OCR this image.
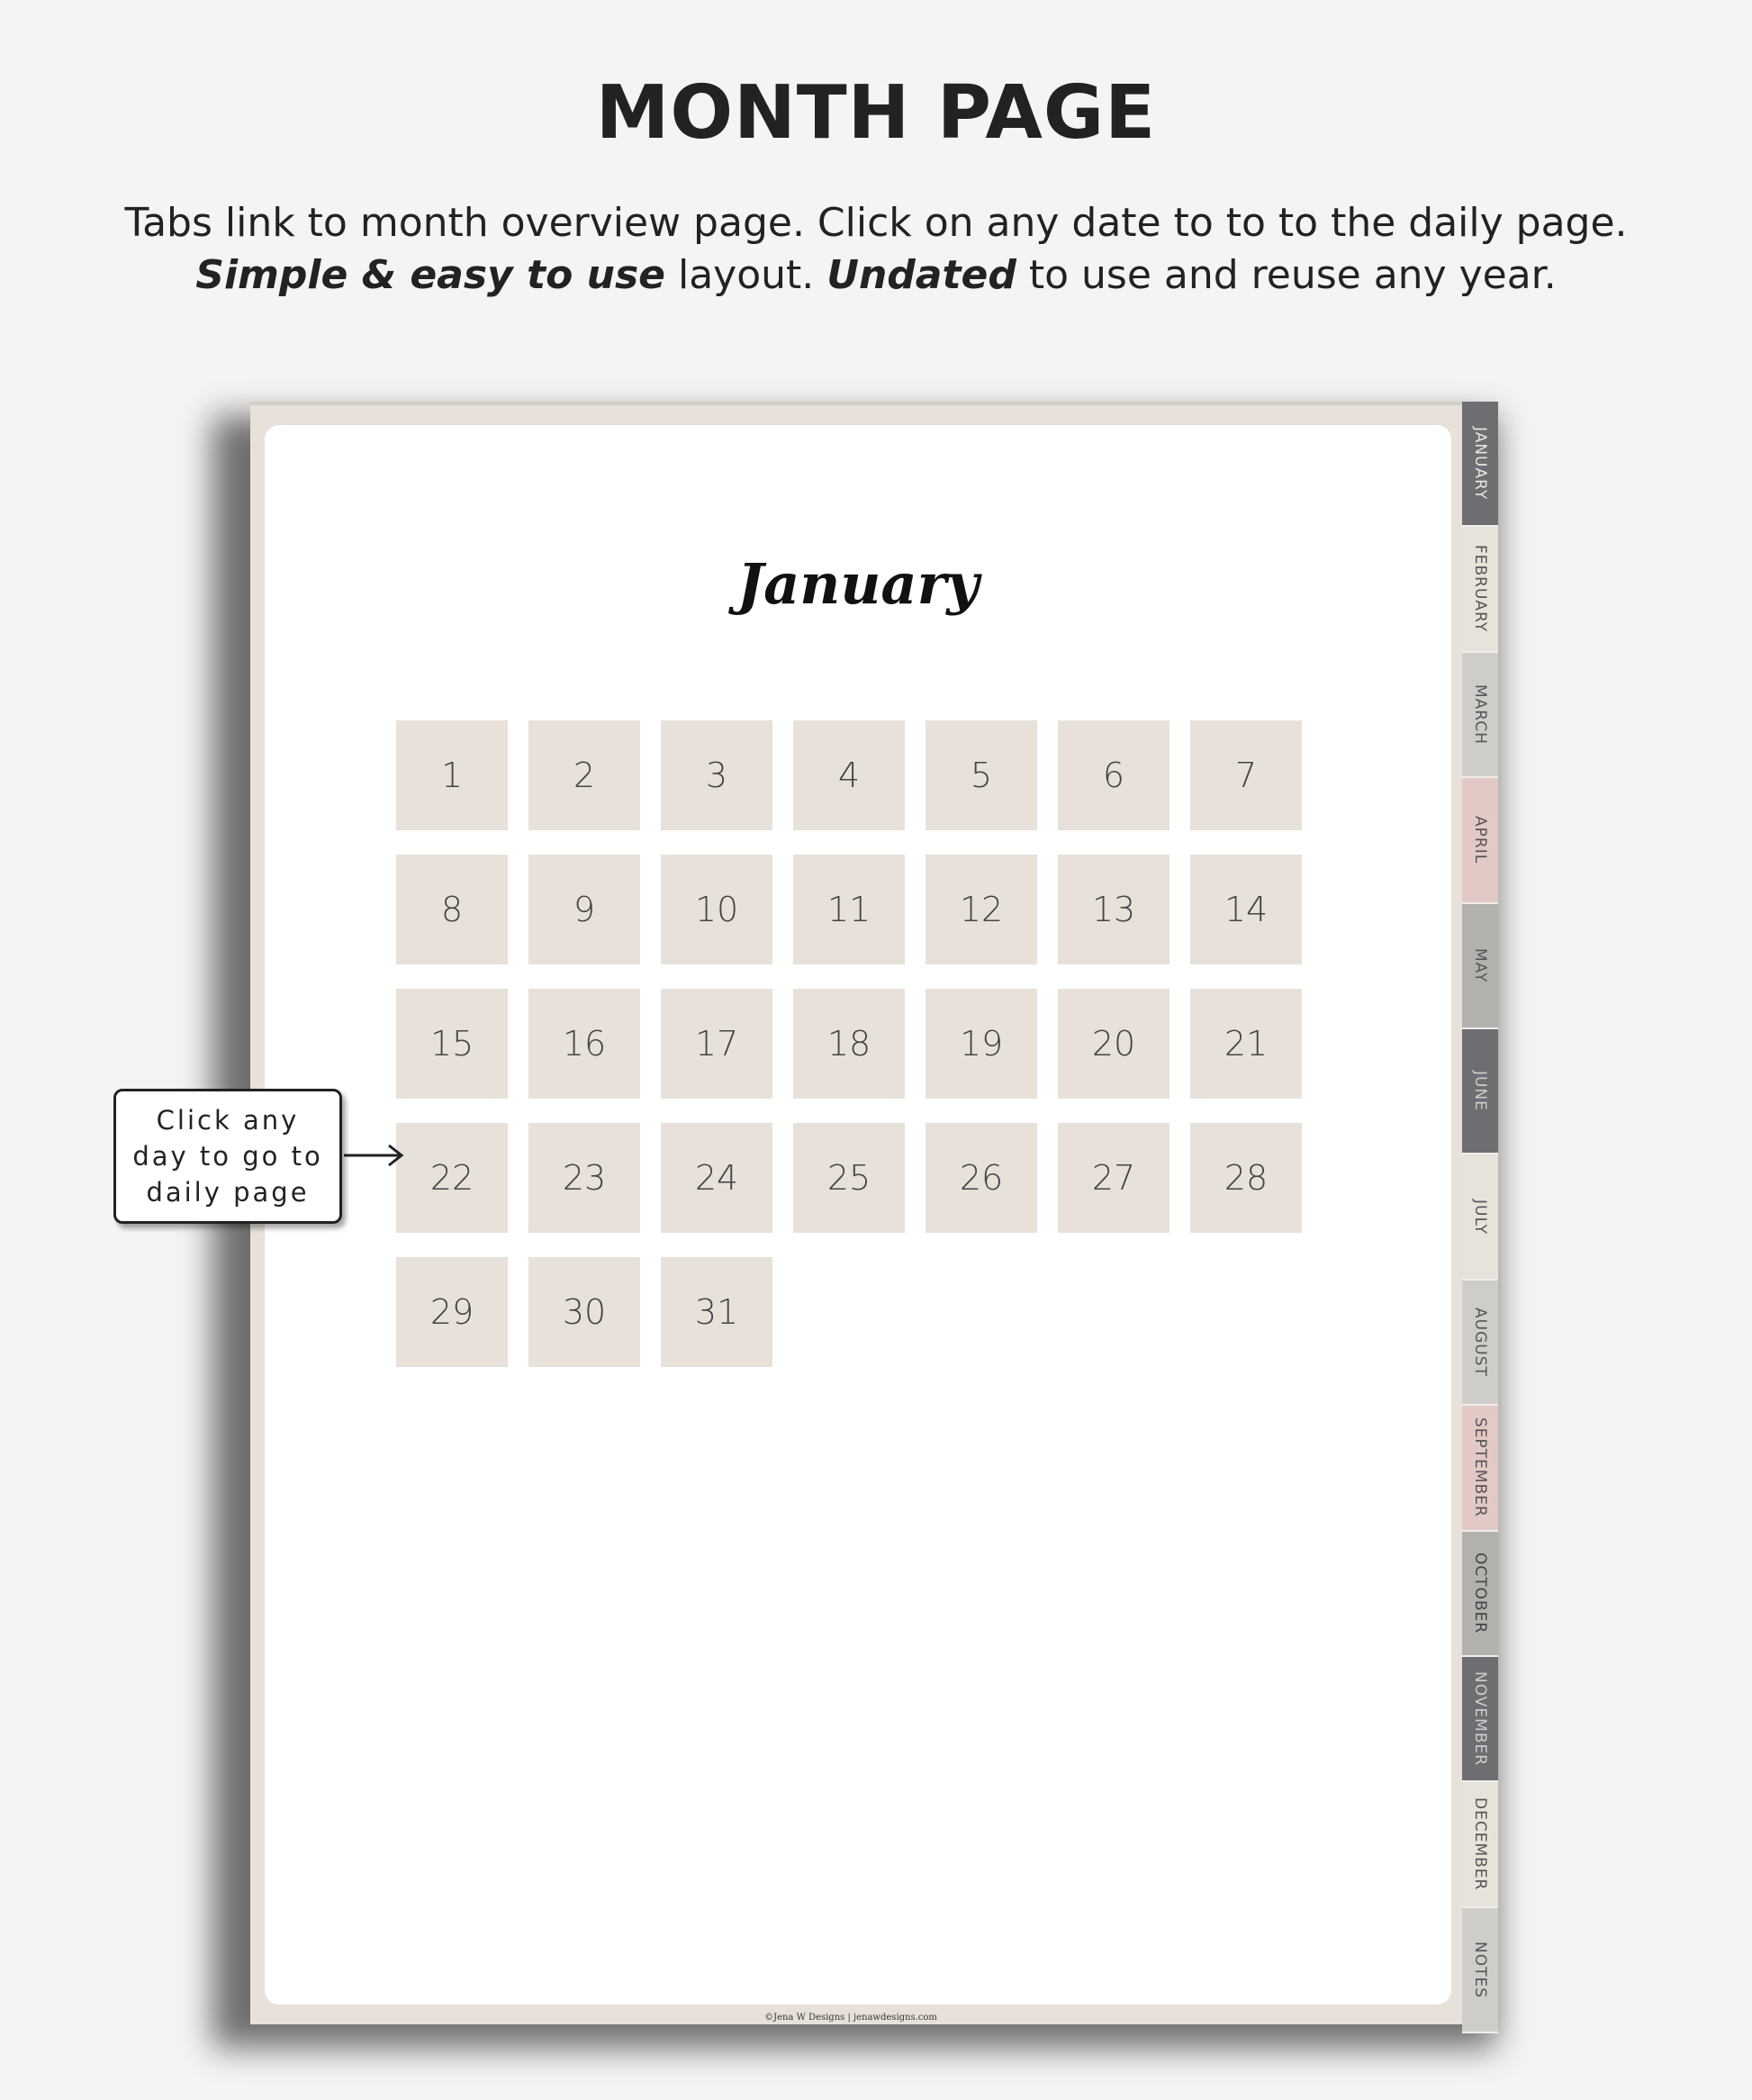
MONTH PAGE
Tabs link to month overview page. Click on any date to to to the daily page.
Simple & easy to use layout. Undated to use and reuse any year.
January
1	2	3	4	5	6	7
8	9	10	11	12	13	14
15	16	17	18	19	20	21
22	23	24	25	26	27	28
29	30	31
©Jena W Designs | jenawdesigns.com
JANUARY
FEBRUARY
MARCH
APRIL
MAY
JUNE
JULY
AUGUST
SEPTEMBER
OCTOBER
NOVEMBER
DECEMBER
NOTES
Click any
day to go to
daily page
